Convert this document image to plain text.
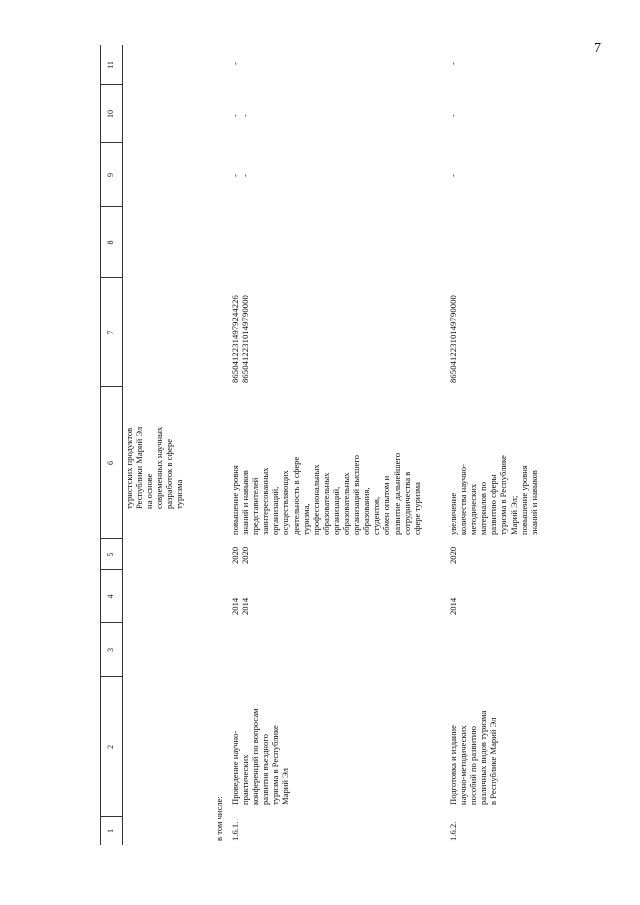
7
1
2
3
4
5
6
7
8
9
10
11
туристских продуктов
Республики Марий Эл
на основе
современных научных
разработок в сфере
туризма
в том числе: 1.6.1.
Проведение научно-
практических
конференций по вопросам
развития въездного
туризма в Республике
Марий Эл
2014
2014
2020
2020
повышение уровня
знаний и навыков
представителей
заинтересованных
организаций,
осуществляющих
деятельность в сфере
туризма,
профессиональных
образовательных
организаций,
образовательных
организаций высшего
образования,
студентов,
обмен опытом и
развитие дальнейшего
сотрудничества в
сфере туризма
86504122314979244226
86504122310149790000
-
-
-
-
-
1.6.2.
Подготовка и издание
научно-методических
пособий по развитию
различных видов туризма
в Республике Марий Эл
2014
2020
увеличение
количества научно-
методических
материалов по
развитию сферы
туризма в Республике
Марий Эл;
повышение уровня
знаний и навыков
86504122310149790000
-
-
-
